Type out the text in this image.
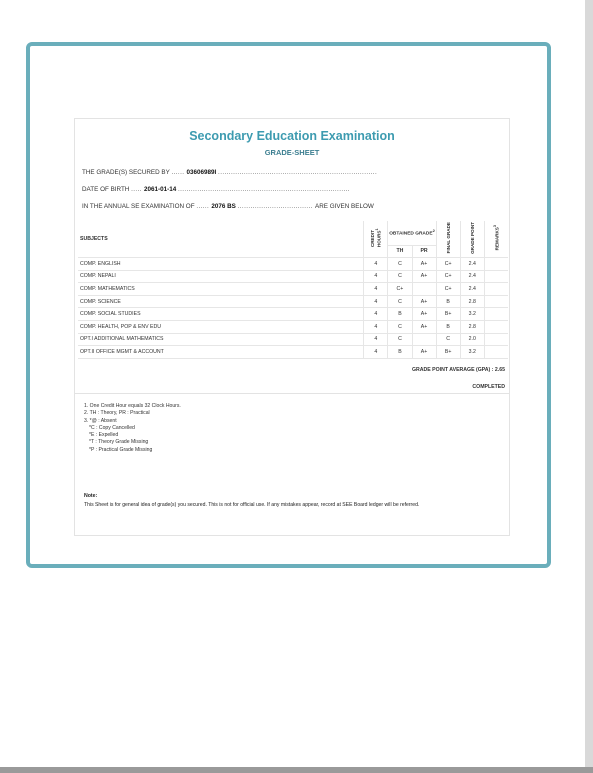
Secondary Education Examination
GRADE-SHEET
THE GRADE(S) SECURED BY ...... 03606989I ..........................................................................
DATE OF BIRTH ..... 2061-01-14 ................................................................................
IN THE ANNUAL SE EXAMINATION OF ...... 2076 BS ................................... ARE GIVEN BELOW
SUBJECTS	CREDIT HOURS$^1$	OBTAINED GRADE$^2$		FINAL GRADE	GRADE POINT	REMARKS$^3$
		TH	PR			
COMP. ENGLISH	4	C	A+	C+	2.4	
COMP. NEPALI	4	C	A+	C+	2.4	
COMP. MATHEMATICS	4	C+		C+	2.4	
COMP. SCIENCE	4	C	A+	B	2.8	
COMP. SOCIAL STUDIES	4	B	A+	B+	3.2	
COMP. HEALTH, POP & ENV EDU	4	C	A+	B	2.8	
OPT.I ADDITIONAL MATHEMATICS	4	C		C	2.0	
OPT.II OFFICE MGMT & ACCOUNT	4	B	A+	B+	3.2	
GRADE POINT AVERAGE (GPA) : 2.65
COMPLETED
1. One Credit Hour equals 32 Clock Hours.
2. TH : Theory, PR : Practical
3. *@ : Absent
*C : Copy Cancelled
*E : Expelled
*T : Theory Grade Missing
*P : Practical Grade Missing
Note:
This Sheet is for general idea of grade(s) you secured. This is not for official use. If any mistakes appear, record at SEE Board ledger will be referred.
